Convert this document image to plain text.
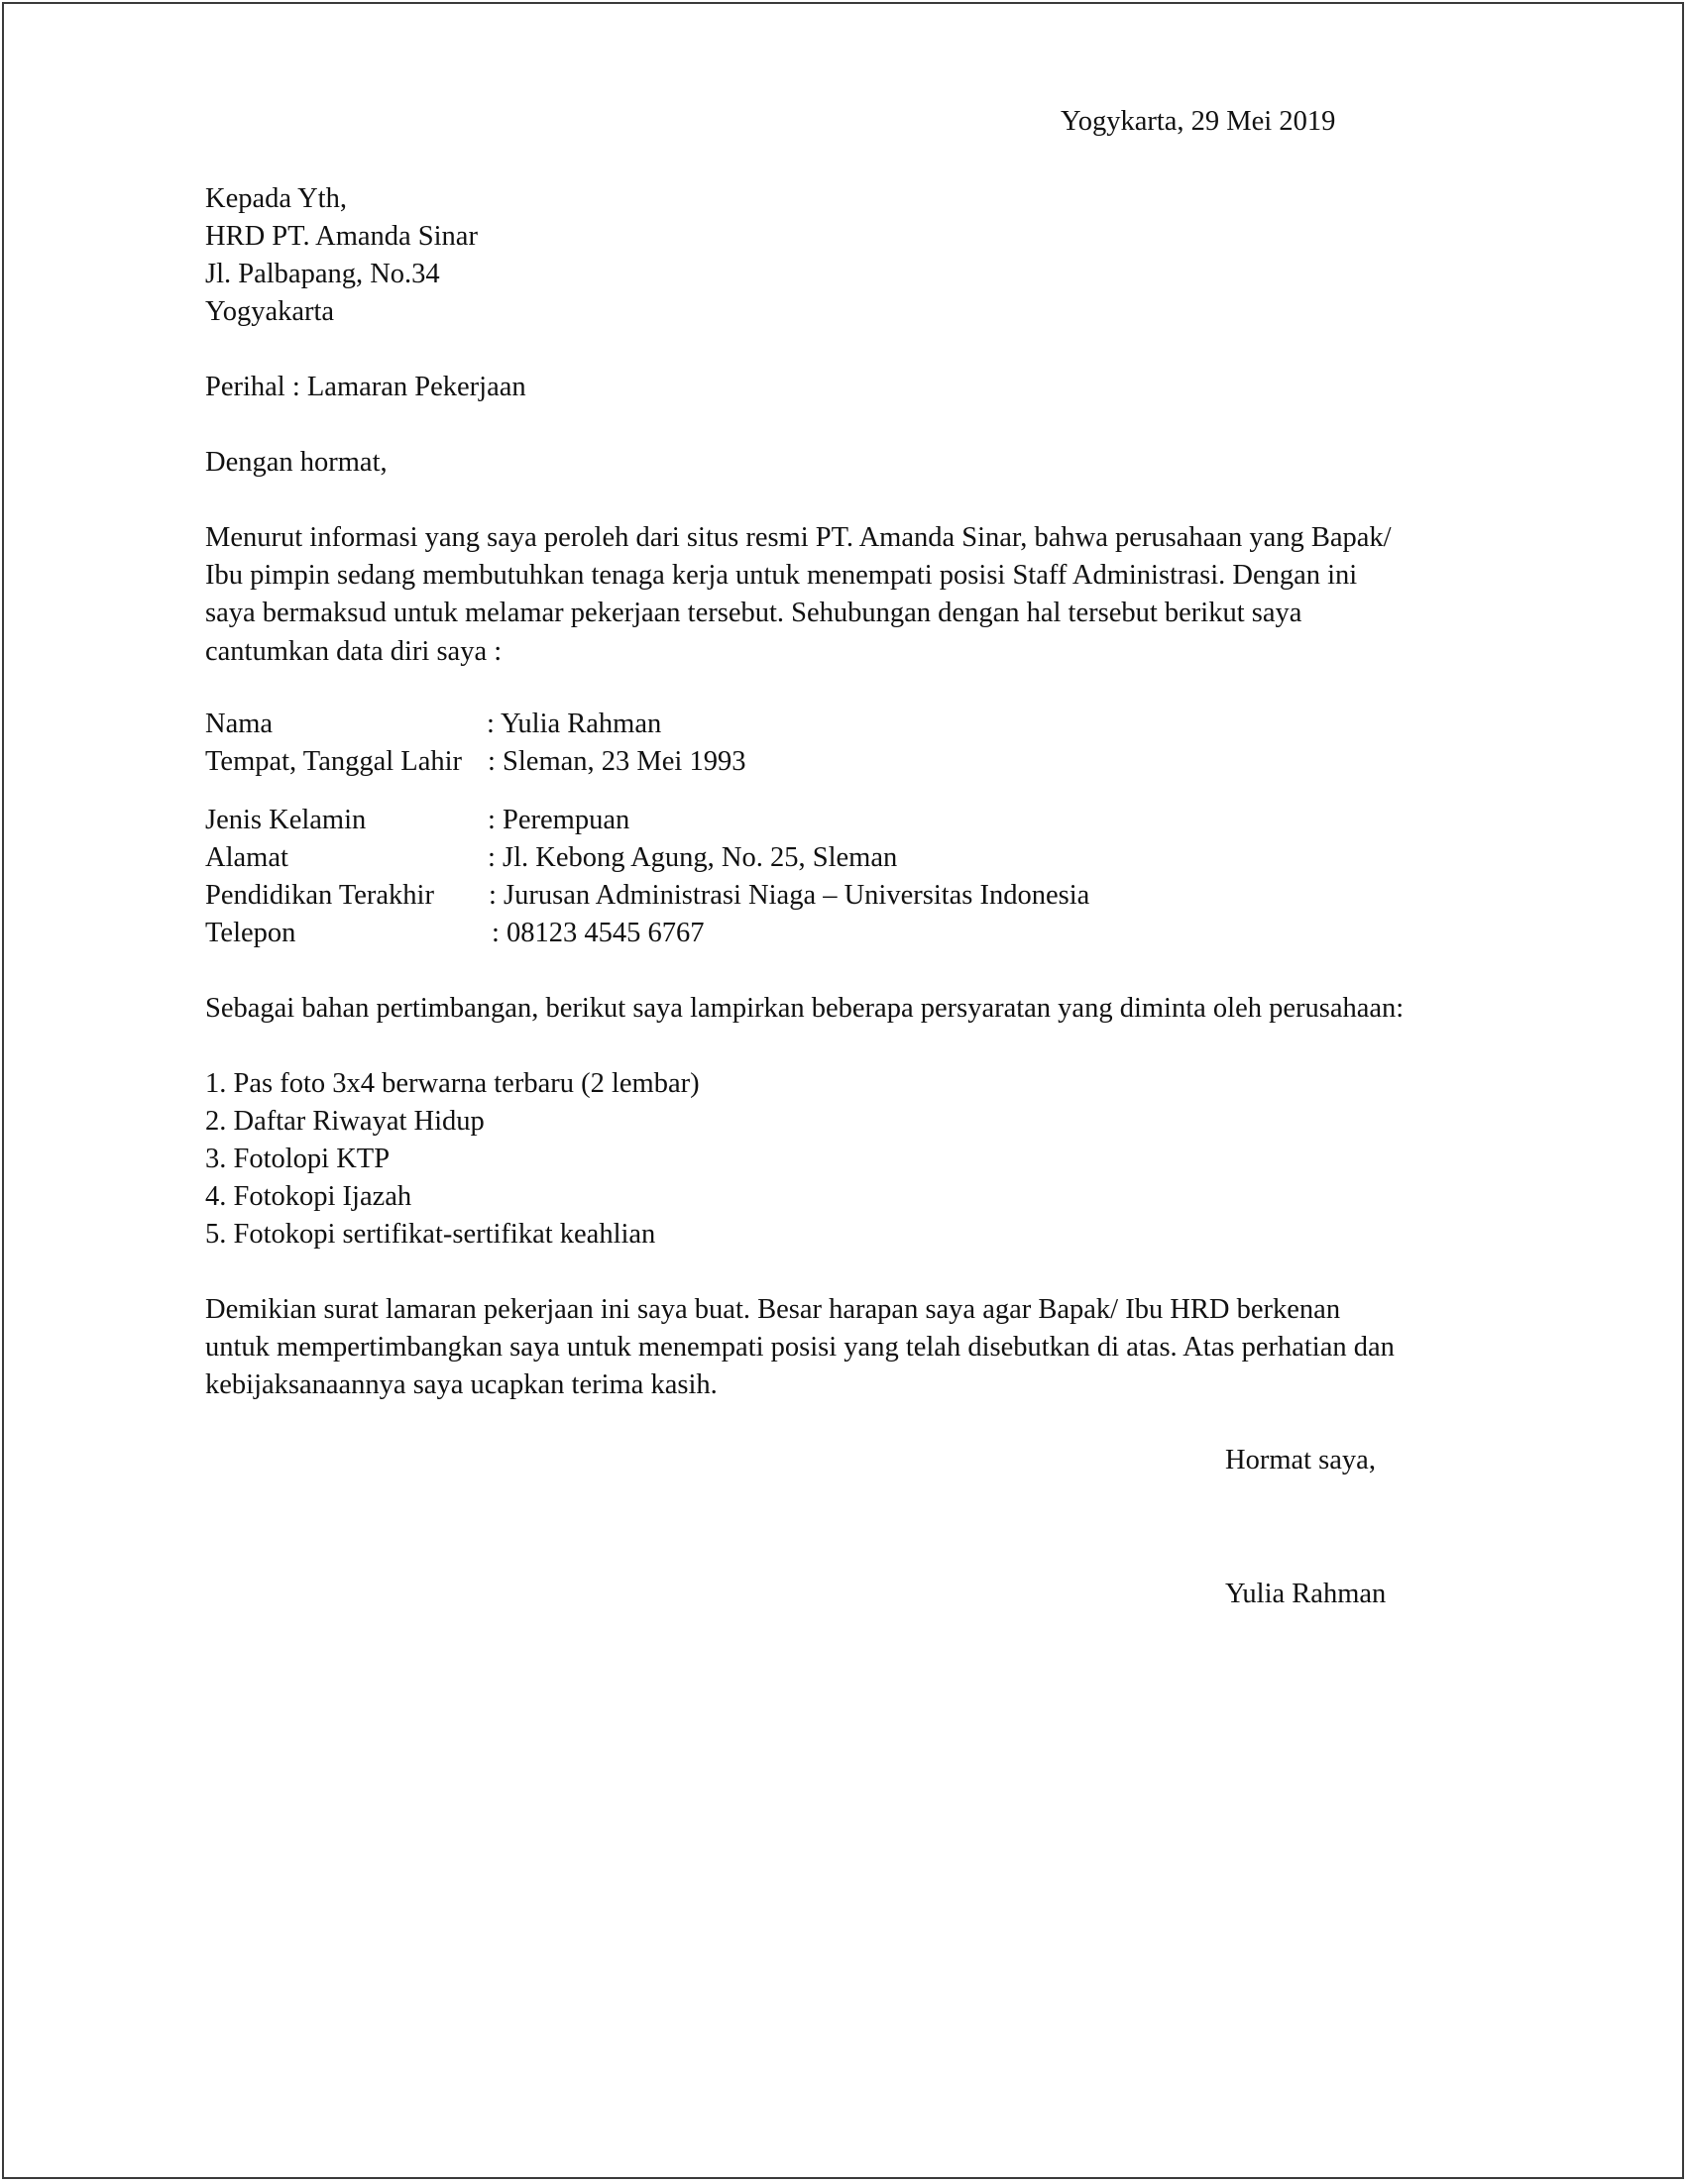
Yogykarta, 29 Mei 2019
Kepada Yth,
HRD PT. Amanda Sinar
Jl. Palbapang, No.34
Yogyakarta
Perihal : Lamaran Pekerjaan
Dengan hormat,
Menurut informasi yang saya peroleh dari situs resmi PT. Amanda Sinar, bahwa perusahaan yang Bapak/
Ibu pimpin sedang membutuhkan tenaga kerja untuk menempati posisi Staff Administrasi. Dengan ini
saya bermaksud untuk melamar pekerjaan tersebut. Sehubungan dengan hal tersebut berikut saya
cantumkan data diri saya :
Nama	: Yulia Rahman
Tempat, Tanggal Lahir : Sleman, 23 Mei 1993
Jenis Kelamin	: Perempuan
Alamat	: Jl. Kebong Agung, No. 25, Sleman
Pendidikan Terakhir : Jurusan Administrasi Niaga – Universitas Indonesia
Telepon	: 08123 4545 6767
Sebagai bahan pertimbangan, berikut saya lampirkan beberapa persyaratan yang diminta oleh perusahaan:
1. Pas foto 3x4 berwarna terbaru (2 lembar)
2. Daftar Riwayat Hidup
3. Fotolopi KTP
4. Fotokopi Ijazah
5. Fotokopi sertifikat-sertifikat keahlian
Demikian surat lamaran pekerjaan ini saya buat. Besar harapan saya agar Bapak/ Ibu HRD berkenan
untuk mempertimbangkan saya untuk menempati posisi yang telah disebutkan di atas. Atas perhatian dan
kebijaksanaannya saya ucapkan terima kasih.
Hormat saya,
Yulia Rahman
